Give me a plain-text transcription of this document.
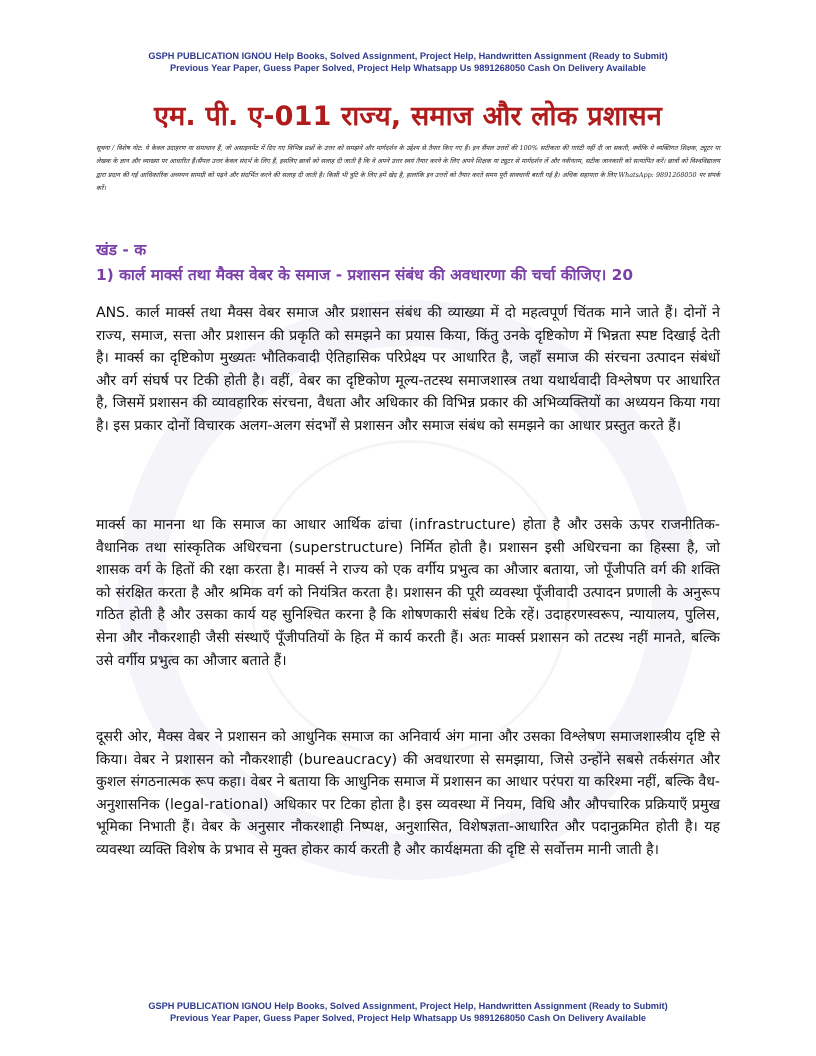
GSPH PUBLICATION IGNOU Help Books, Solved Assignment, Project Help, Handwritten Assignment (Ready to Submit)
Previous Year Paper, Guess Paper Solved, Project Help Whatsapp Us 9891268050 Cash On Delivery Available
एम. पी. ए-011 राज्य, समाज और लोक प्रशासन
सूचना / विशेष नोट: ये केवल उदाहरण या समाधान हैं, जो असाइनमेंट में दिए गए विभिन्न प्रश्नों के उत्तर को समझने और मार्गदर्शन के उद्देश्य से तैयार किए गए हैं। इन सैंपल उत्तरों की 100% सटीकता की गारंटी नहीं दी जा सकती, क्योंकि ये व्यक्तिगत शिक्षक, ट्यूटर या लेखक के ज्ञान और व्याख्या पर आधारित हैं।सैंपल उत्तर केवल संदर्भ के लिए हैं, इसलिए छात्रों को सलाह दी जाती है कि वे अपने उत्तर स्वयं तैयार करने के लिए अपने शिक्षक या ट्यूटर से मार्गदर्शन लें और नवीनतम, सटीक जानकारी को सत्यापित करें। छात्रों को विश्वविद्यालय द्वारा प्रदान की गई आधिकारिक अध्ययन सामग्री को पढ़ने और संदर्भित करने की सलाह दी जाती है। किसी भी त्रुटि के लिए हमें खेद है, हालांकि इन उत्तरों को तैयार करते समय पूरी सावधानी बरती गई है। अधिक सहायता के लिए WhatsApp: 9891268050 पर संपर्क करें।
खंड - क
1) कार्ल मार्क्स तथा मैक्स वेबर के समाज - प्रशासन संबंध की अवधारणा की चर्चा कीजिए। 20
ANS. कार्ल मार्क्स तथा मैक्स वेबर समाज और प्रशासन संबंध की व्याख्या में दो महत्वपूर्ण चिंतक माने जाते हैं। दोनों ने राज्य, समाज, सत्ता और प्रशासन की प्रकृति को समझने का प्रयास किया, किंतु उनके दृष्टिकोण में भिन्नता स्पष्ट दिखाई देती है। मार्क्स का दृष्टिकोण मुख्यतः भौतिकवादी ऐतिहासिक परिप्रेक्ष्य पर आधारित है, जहाँ समाज की संरचना उत्पादन संबंधों और वर्ग संघर्ष पर टिकी होती है। वहीं, वेबर का दृष्टिकोण मूल्य-तटस्थ समाजशास्त्र तथा यथार्थवादी विश्लेषण पर आधारित है, जिसमें प्रशासन की व्यावहारिक संरचना, वैधता और अधिकार की विभिन्न प्रकार की अभिव्यक्तियों का अध्ययन किया गया है। इस प्रकार दोनों विचारक अलग-अलग संदर्भों से प्रशासन और समाज संबंध को समझने का आधार प्रस्तुत करते हैं।
मार्क्स का मानना था कि समाज का आधार आर्थिक ढांचा (infrastructure) होता है और उसके ऊपर राजनीतिक-वैधानिक तथा सांस्कृतिक अधिरचना (superstructure) निर्मित होती है। प्रशासन इसी अधिरचना का हिस्सा है, जो शासक वर्ग के हितों की रक्षा करता है। मार्क्स ने राज्य को एक वर्गीय प्रभुत्व का औजार बताया, जो पूँजीपति वर्ग की शक्ति को संरक्षित करता है और श्रमिक वर्ग को नियंत्रित करता है। प्रशासन की पूरी व्यवस्था पूँजीवादी उत्पादन प्रणाली के अनुरूप गठित होती है और उसका कार्य यह सुनिश्चित करना है कि शोषणकारी संबंध टिके रहें। उदाहरणस्वरूप, न्यायालय, पुलिस, सेना और नौकरशाही जैसी संस्थाएँ पूँजीपतियों के हित में कार्य करती हैं। अतः मार्क्स प्रशासन को तटस्थ नहीं मानते, बल्कि उसे वर्गीय प्रभुत्व का औजार बताते हैं।
दूसरी ओर, मैक्स वेबर ने प्रशासन को आधुनिक समाज का अनिवार्य अंग माना और उसका विश्लेषण समाजशास्त्रीय दृष्टि से किया। वेबर ने प्रशासन को नौकरशाही (bureaucracy) की अवधारणा से समझाया, जिसे उन्होंने सबसे तर्कसंगत और कुशल संगठनात्मक रूप कहा। वेबर ने बताया कि आधुनिक समाज में प्रशासन का आधार परंपरा या करिश्मा नहीं, बल्कि वैध-अनुशासनिक (legal-rational) अधिकार पर टिका होता है। इस व्यवस्था में नियम, विधि और औपचारिक प्रक्रियाएँ प्रमुख भूमिका निभाती हैं। वेबर के अनुसार नौकरशाही निष्पक्ष, अनुशासित, विशेषज्ञता-आधारित और पदानुक्रमित होती है। यह व्यवस्था व्यक्ति विशेष के प्रभाव से मुक्त होकर कार्य करती है और कार्यक्षमता की दृष्टि से सर्वोत्तम मानी जाती है।
GSPH PUBLICATION IGNOU Help Books, Solved Assignment, Project Help, Handwritten Assignment (Ready to Submit)
Previous Year Paper, Guess Paper Solved, Project Help Whatsapp Us 9891268050 Cash On Delivery Available
